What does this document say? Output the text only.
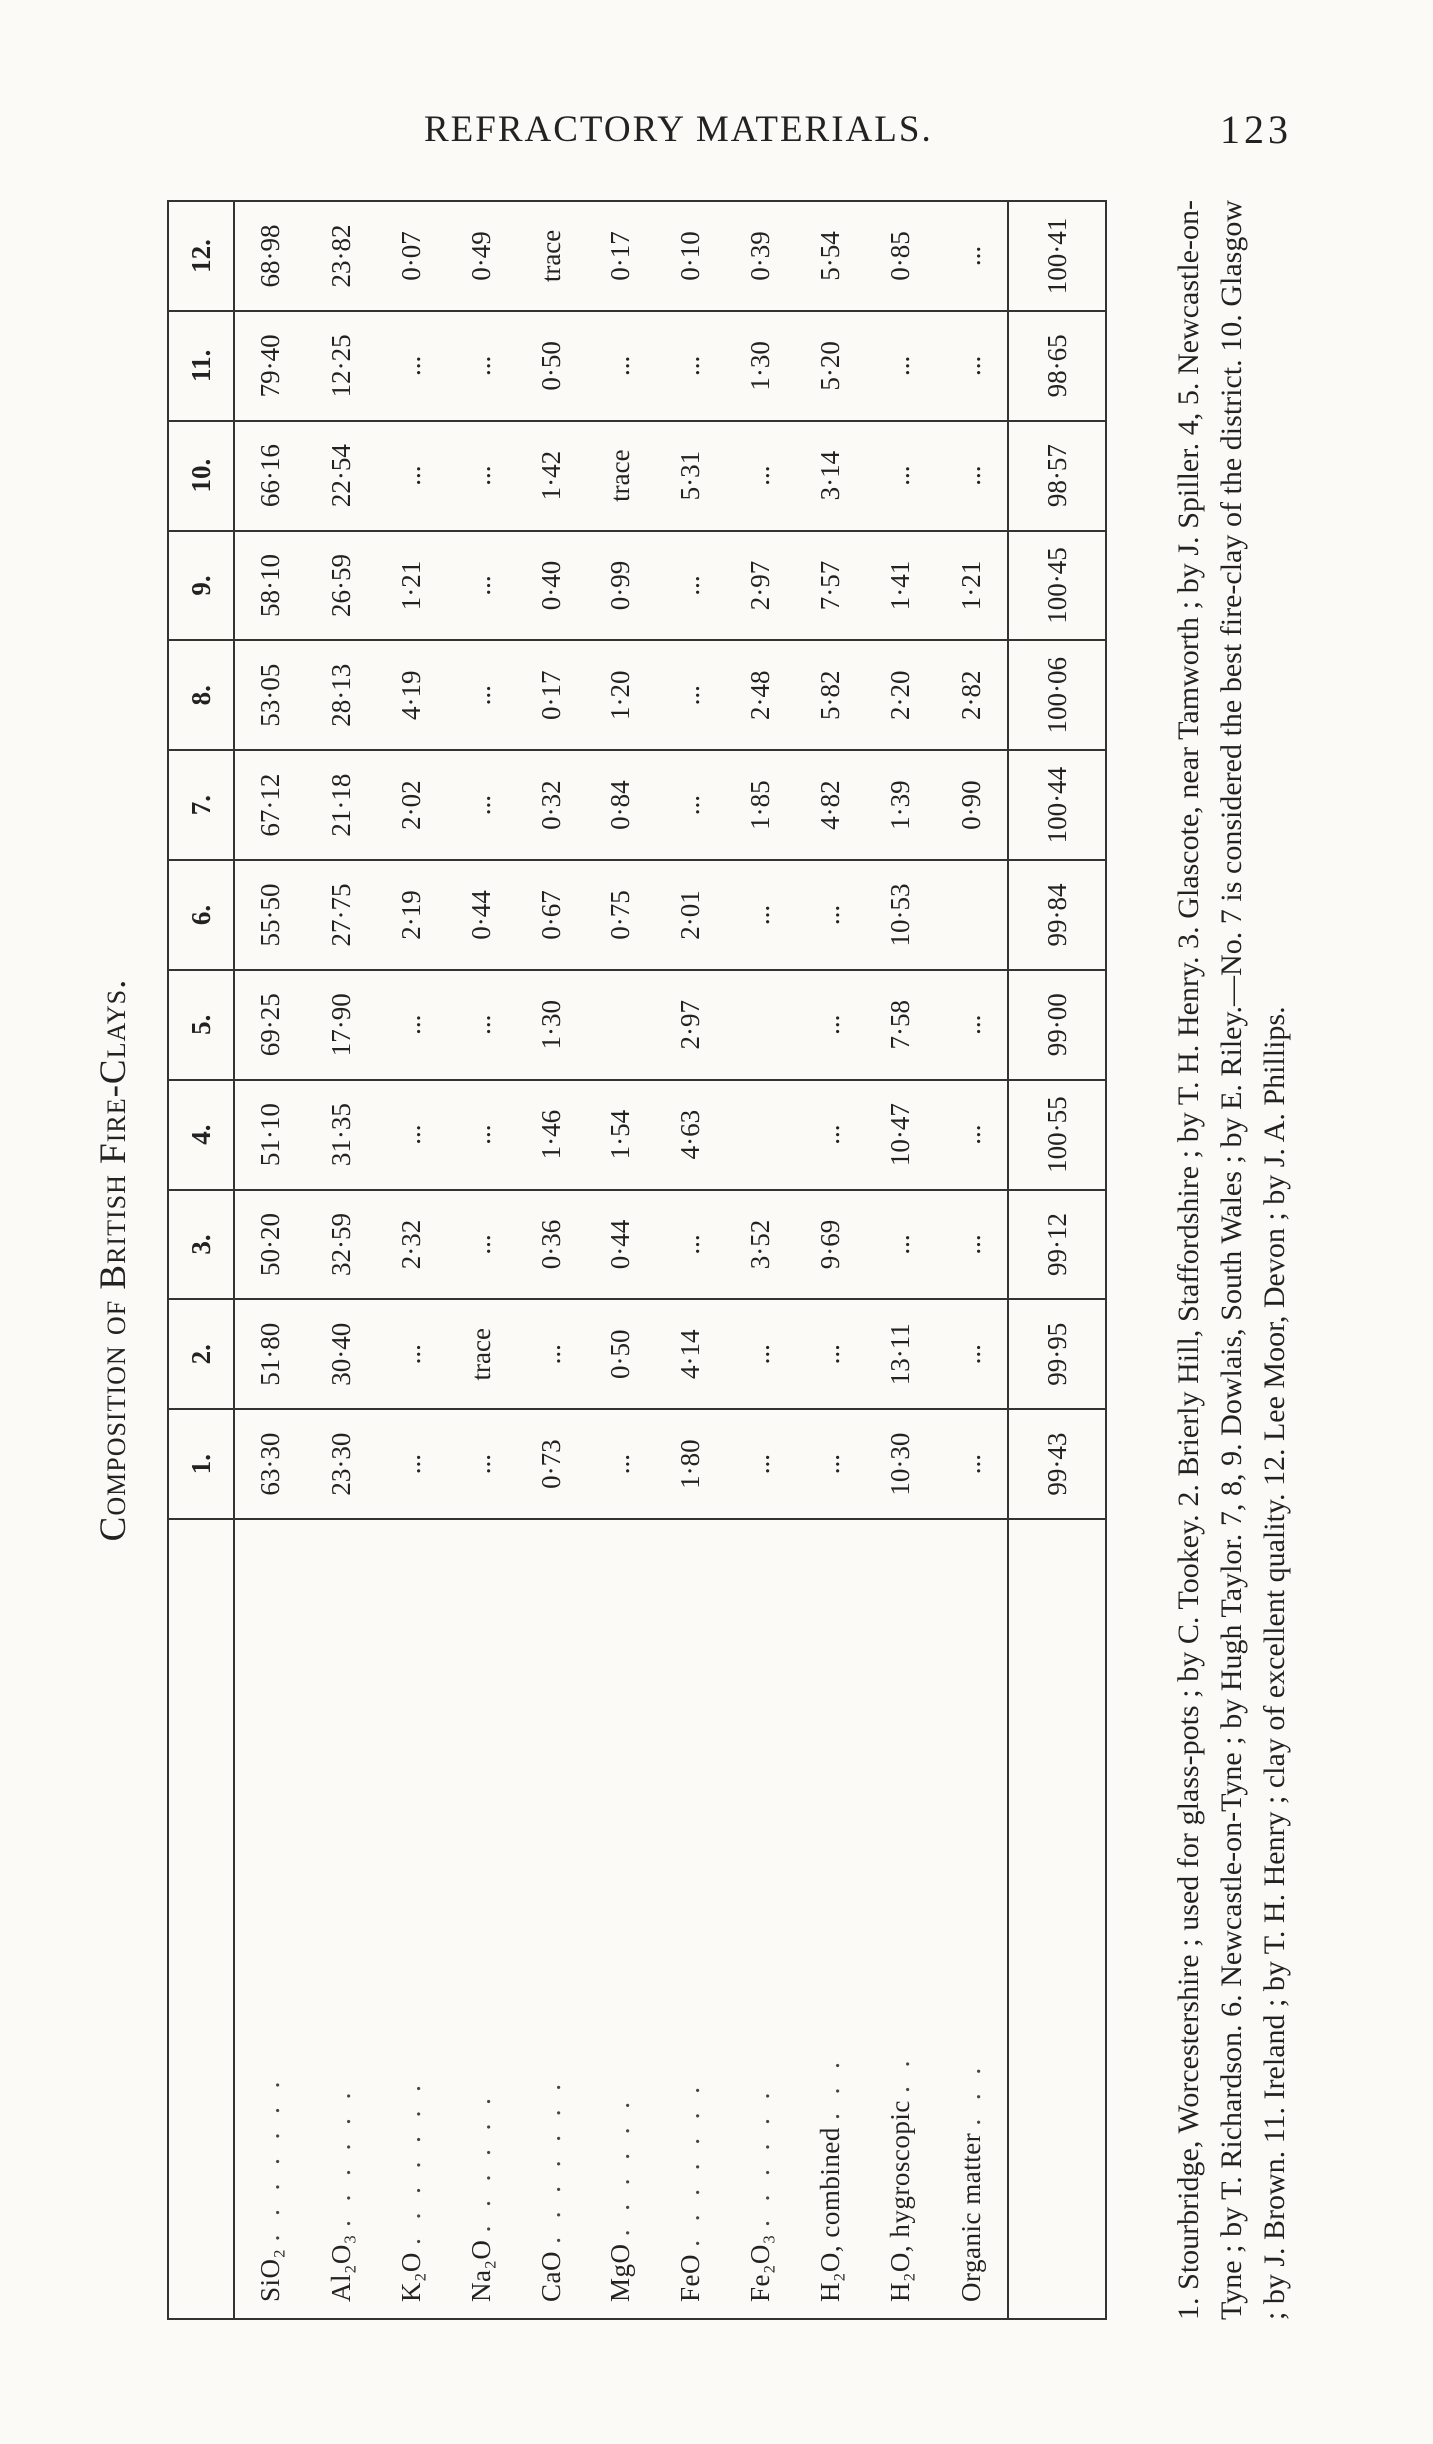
REFRACTORY MATERIALS.	123
Composition of British Fire-Clays.
	1.	2.	3.	4.	5.	6.	7.	8.	9.	10.	11.	12.
SiO₂ . . . . . . .	63·30	51·80	50·20	51·10	69·25	55·50	67·12	53·05	58·10	66·16	79·40	68·98
Al₂O₃ . . . . . .	23·30	30·40	32·59	31·35	17·90	27·75	21·18	28·13	26·59	22·54	12·25	23·82
K₂O . . . . . . .	...	...	2·32	...	...	2·19	2·02	4·19	1·21	...	...	0·07
Na₂O . . . . . .	...	trace	...	...	...	0·44	...	...	...	...	...	0·49
CaO . . . . . . .	0·73	...	0·36	1·46	1·30	0·67	0·32	0·17	0·40	1·42	0·50	trace
MgO . . . . . .	...	0·50	0·44	1·54		0·75	0·84	1·20	0·99	trace	...	0·17
FeO . . . . . . .	1·80	4·14	...	4·63	2·97	2·01	...	...	...	5·31	...	0·10
Fe₂O₃ . . . . . .	...	...	3·52			...	1·85	2·48	2·97	...	1·30	0·39
H₂O, combined . . .	...	...	9·69	...	...	...	4·82	5·82	7·57	3·14	5·20	5·54
H₂O, hygroscopic . .	10·30	13·11	...	10·47	7·58	10·53	1·39	2·20	1·41	...	...	0·85
Organic matter . . .	...	...	...	...	...		0·90	2·82	1·21	...	...	...
	99·43	99·95	99·12	100·55	99·00	99·84	100·44	100·06	100·45	98·57	98·65	100·41	1. Stourbridge, Worcestershire ; used for glass-pots ; by C. Tookey. 2. Brierly Hill, Staffordshire ; by T. H. Henry. 3. Glascote, near Tamworth ; by J. Spiller. 4, 5. Newcastle-on-Tyne ; by T. Richardson. 6. Newcastle-on-Tyne ; by Hugh Taylor. 7, 8, 9. Dowlais, South Wales ; by E. Riley.—No. 7 is considered the best fire-clay of the district. 10. Glasgow ; by J. Brown. 11. Ireland ; by T. H. Henry ; clay of excellent quality. 12. Lee Moor, Devon ; by J. A. Phillips.
